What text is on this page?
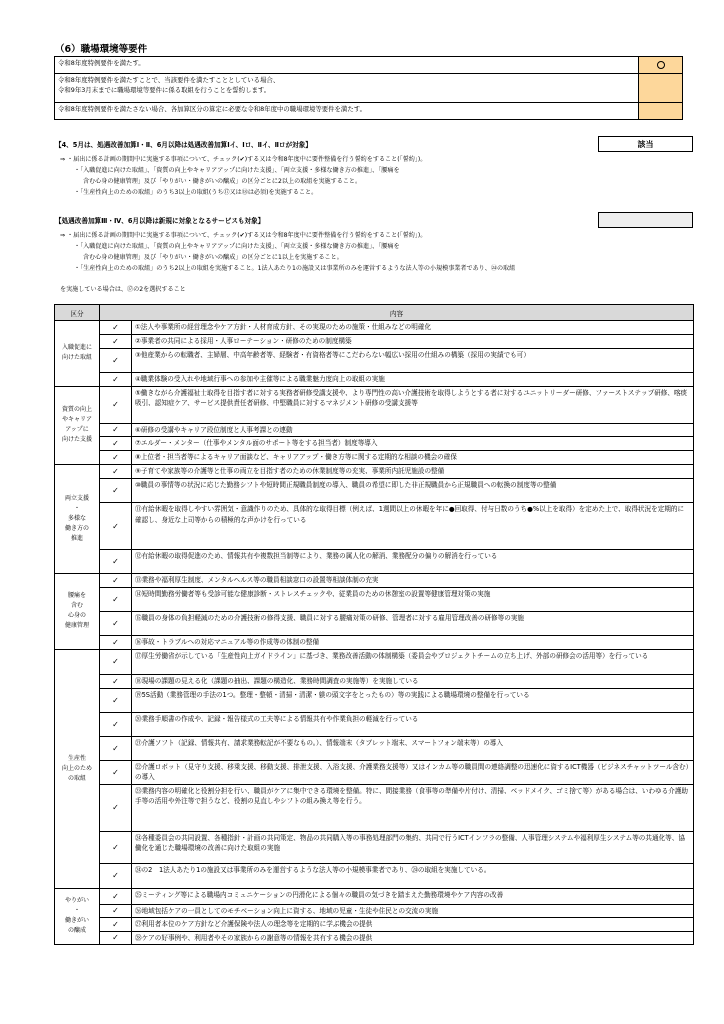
（6）職場環境等要件
令和8年度特例要件を満たす。	

令和8年度特例要件を満たすことで、当該要件を満たすこととしている場合、
令和9年3月末までに職場環境等要件に係る取組を行うことを誓約します。	

令和8年度特例要件を満たさない場合、各加算区分の算定に必要な令和8年度中の職場環境等要件を満たす。	

【4、5月は、処遇改善加算Ⅰ・Ⅱ、6月以降は処遇改善加算Ⅰイ、Ⅰロ、Ⅱイ、Ⅱロが対象】	該当
⇒ ・届出に係る計画の期間中に実施する事項について、チェック(✔)する又は令和8年度中に要件整備を行う誓約をすること(「誓約」)。
・「入職促進に向けた取組」、「資質の向上やキャリアアップに向けた支援」、「両立支援・多様な働き方の推進」、「腰痛を
含む心身の健康管理」及び「やりがい・働きがいの醸成」の区分ごとに2以上の取組を実施すること。
・「生産性向上のための取組」のうち3以上の取組(うち⑰又は⑱は必須)を実施すること。
【処遇改善加算Ⅲ・Ⅳ、6月以降は新規に対象となるサービスも対象】
⇒ ・届出に係る計画の期間中に実施する事項について、チェック(✔)する又は令和8年度中に要件整備を行う誓約をすること(「誓約」)。
・「入職促進に向けた取組」、「資質の向上やキャリアアップに向けた支援」、「両立支援・多様な働き方の推進」、「腰痛を
含む心身の健康管理」及び「やりがい・働きがいの醸成」の区分ごとに1以上を実施すること。
・「生産性向上のための取組」のうち2以上の取組を実施すること。1法人あたり1の施設又は事業所のみを運営するような法人等の小規模事業者であり、㉔の取組
を実施している場合は、⑰の2を選択すること
区分	内容	
入職促進に
向けた取組	✓	①法人や事業所の経営理念やケア方針・人材育成方針、その実現のための施策・仕組みなどの明確化
	✓	②事業者の共同による採用・人事ローテーション・研修のための制度構築
	✓	③他産業からの転職者、主婦層、中高年齢者等、経験者・有資格者等にこだわらない幅広い採用の仕組みの構築（採用の実績でも可）
	✓	④職業体験の受入れや地域行事への参加や主催等による職業魅力度向上の取組の実施
資質の向上
やキャリア
アップに
向けた支援	✓	⑤働きながら介護福祉士取得を目指す者に対する実務者研修受講支援や、より専門性の高い介護技術を取得しようとする者に対するユニットリーダー研修、ファーストステップ研修、喀痰吸引、認知症ケア、サービス提供責任者研修、中堅職員に対するマネジメント研修の受講支援等
	✓	⑥研修の受講やキャリア段位制度と人事考課との連動
	✓	⑦エルダー・メンター（仕事やメンタル面のサポート等をする担当者）制度等導入
	✓	⑧上位者・担当者等によるキャリア面談など、キャリアアップ・働き方等に関する定期的な相談の機会の確保
両立支援
・
多様な
働き方の
推進	✓	⑨子育てや家族等の介護等と仕事の両立を目指す者のための休業制度等の充実、事業所内託児施設の整備
	✓	⑩職員の事情等の状況に応じた勤務シフトや短時間正規職員制度の導入、職員の希望に即した非正規職員から正規職員への転換の制度等の整備
	✓	⑪有給休暇を取得しやすい雰囲気・意識作りのため、具体的な取得目標（例えば、1週間以上の休暇を年に●回取得、付与日数のうち●%以上を取得）を定めた上で、取得状況を定期的に確認し、身近な上司等からの積極的な声かけを行っている
	✓	⑫有給休暇の取得促進のため、情報共有や複数担当制等により、業務の属人化の解消、業務配分の偏りの解消を行っている
腰痛を
含む
心身の
健康管理	✓	⑬業務や福利厚生制度、メンタルヘルス等の職員相談窓口の設置等相談体制の充実
	✓	⑭短時間勤務労働者等も受診可能な健康診断・ストレスチェックや、従業員のための休憩室の設置等健康管理対策の実施
	✓	⑮職員の身体の負担軽減のための介護技術の修得支援、職員に対する腰痛対策の研修、管理者に対する雇用管理改善の研修等の実施
	✓	⑯事故・トラブルへの対応マニュアル等の作成等の体制の整備
生産性
向上のため
の取組	✓	⑰厚生労働省が示している「生産性向上ガイドライン」に基づき、業務改善活動の体制構築（委員会やプロジェクトチームの立ち上げ、外部の研修会の活用等）を行っている
	✓	⑱現場の課題の見える化（課題の抽出、課題の構造化、業務時間調査の実施等）を実施している
	✓	⑲5S活動（業務管理の手法の1つ。整理・整頓・清掃・清潔・躾の頭文字をとったもの）等の実践による職場環境の整備を行っている
	✓	⑳業務手順書の作成や、記録・報告様式の工夫等による情報共有や作業負担の軽減を行っている
	✓	㉑介護ソフト（記録、情報共有、請求業務転記が不要なもの。）、情報端末（タブレット端末、スマートフォン端末等）の導入
	✓	㉒介護ロボット（見守り支援、移乗支援、移動支援、排泄支援、入浴支援、介護業務支援等）又はインカム等の職員間の連絡調整の迅速化に資するICT機器（ビジネスチャットツール含む）の導入
	✓	㉓業務内容の明確化と役割分担を行い、職員がケアに集中できる環境を整備。特に、間接業務（食事等の準備や片付け、清掃、ベッドメイク、ゴミ捨て等）がある場合は、いわゆる介護助手等の活用や外注等で担うなど、役割の見直しやシフトの組み換え等を行う。
	✓	㉔各種委員会の共同設置、各種指針・計画の共同策定、物品の共同購入等の事務処理部門の集約、共同で行うICTインフラの整備、人事管理システムや福利厚生システム等の共通化等、協働化を通じた職場環境の改善に向けた取組の実施
	✓	㉔の2　1法人あたり1の施設又は事業所のみを運営するような法人等の小規模事業者であり、㉔の取組を実施している。
やりがい
・
働きがい
の醸成	✓	㉕ミーティング等による職場内コミュニケーションの円滑化による個々の職員の気づきを踏まえた勤務環境やケア内容の改善
	✓	㉖地域包括ケアの一員としてのモチベーション向上に資する、地域の児童・生徒や住民との交流の実施
	✓	㉗利用者本位のケア方針など介護保険や法人の理念等を定期的に学ぶ機会の提供
	✓	㉘ケアの好事例や、利用者やその家族からの謝意等の情報を共有する機会の提供
